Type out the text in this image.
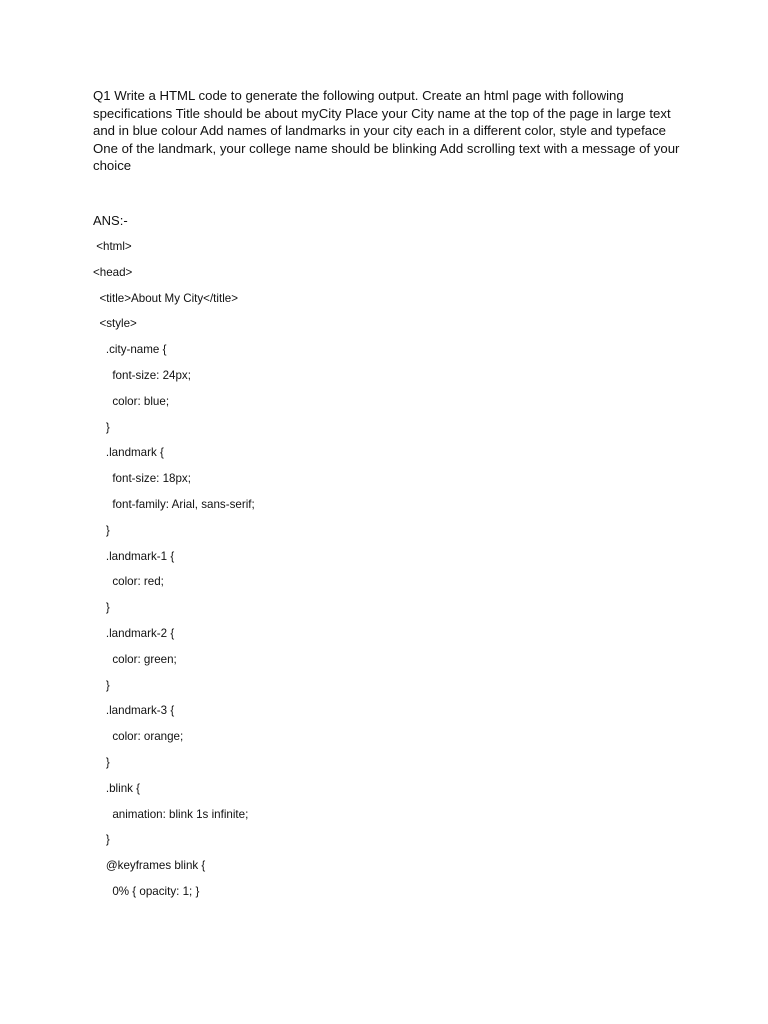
Q1 Write a HTML code to generate the following output. Create an html page with following specifications Title should be about myCity Place your City name at the top of the page in large text and in blue colour Add names of landmarks in your city each in a different color, style and typeface One of the landmark, your college name should be blinking Add scrolling text with a message of your choice
ANS:-
<html>
<head>
<title>About My City</title>
<style>
.city-name {
font-size: 24px;
color: blue;
}
.landmark {
font-size: 18px;
font-family: Arial, sans-serif;
}
.landmark-1 {
color: red;
}
.landmark-2 {
color: green;
}
.landmark-3 {
color: orange;
}
.blink {
animation: blink 1s infinite;
}
@keyframes blink {
0% { opacity: 1; }
